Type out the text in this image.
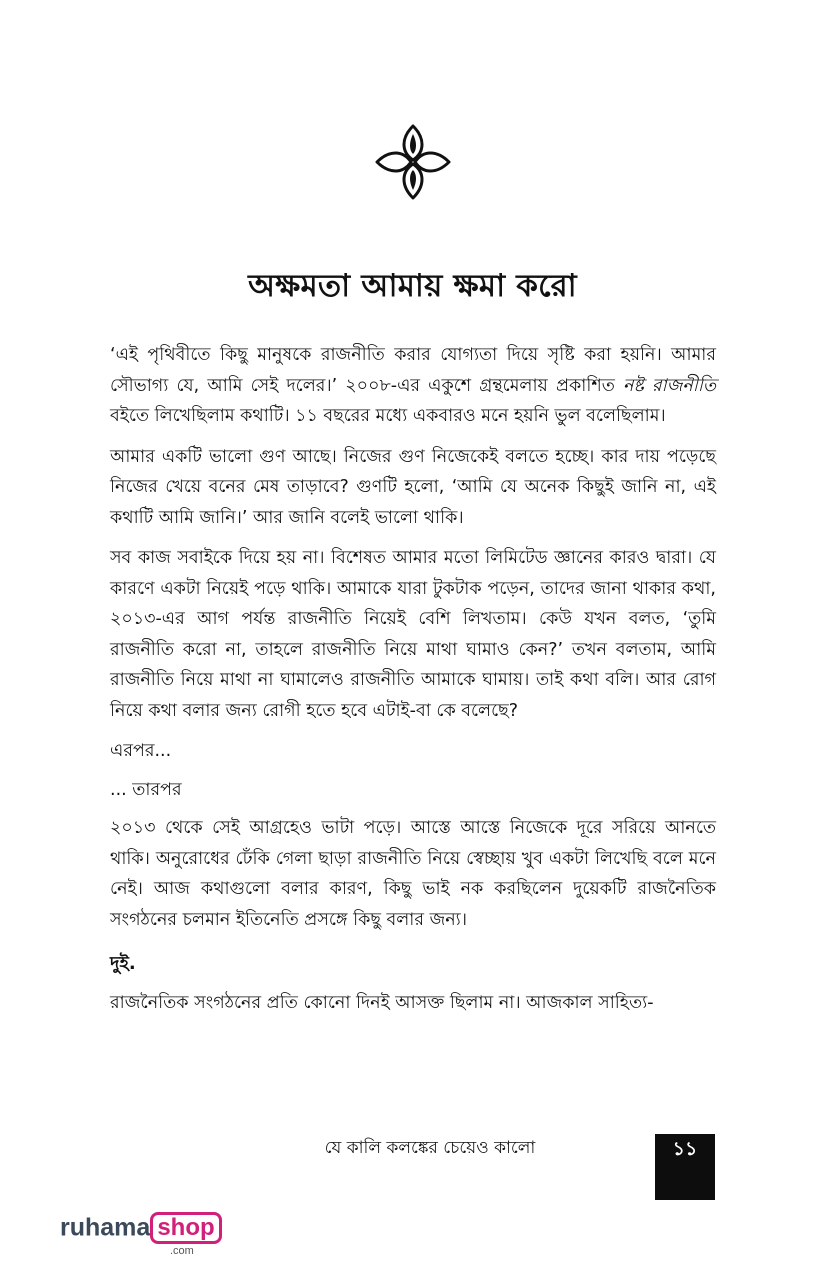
অক্ষমতা আমায় ক্ষমা করো

‘এই পৃথিবীতে কিছু মানুষকে রাজনীতি করার যোগ্যতা দিয়ে সৃষ্টি করা হয়নি। আমার সৌভাগ্য যে, আমি সেই দলের।’ ২০০৮-এর একুশে গ্রন্থমেলায় প্রকাশিত নষ্ট রাজনীতি বইতে লিখেছিলাম কথাটি। ১১ বছরের মধ্যে একবারও মনে হয়নি ভুল বলেছিলাম।

আমার একটি ভালো গুণ আছে। নিজের গুণ নিজেকেই বলতে হচ্ছে। কার দায় পড়েছে নিজের খেয়ে বনের মেষ তাড়াবে? গুণটি হলো, ‘আমি যে অনেক কিছুই জানি না, এই কথাটি আমি জানি।’ আর জানি বলেই ভালো থাকি।

সব কাজ সবাইকে দিয়ে হয় না। বিশেষত আমার মতো লিমিটেড জ্ঞানের কারও দ্বারা। যে কারণে একটা নিয়েই পড়ে থাকি। আমাকে যারা টুকটাক পড়েন, তাদের জানা থাকার কথা, ২০১৩-এর আগ পর্যন্ত রাজনীতি নিয়েই বেশি লিখতাম। কেউ যখন বলত, ‘তুমি রাজনীতি করো না, তাহলে রাজনীতি নিয়ে মাথা ঘামাও কেন?’ তখন বলতাম, আমি রাজনীতি নিয়ে মাথা না ঘামালেও রাজনীতি আমাকে ঘামায়। তাই কথা বলি। আর রোগ নিয়ে কথা বলার জন্য রোগী হতে হবে এটাই-বা কে বলেছে?

এরপর...

... তারপর

২০১৩ থেকে সেই আগ্রহেও ভাটা পড়ে। আস্তে আস্তে নিজেকে দূরে সরিয়ে আনতে থাকি। অনুরোধের ঢেঁকি গেলা ছাড়া রাজনীতি নিয়ে স্বেচ্ছায় খুব একটা লিখেছি বলে মনে নেই। আজ কথাগুলো বলার কারণ, কিছু ভাই নক করছিলেন দুয়েকটি রাজনৈতিক সংগঠনের চলমান ইতিনেতি প্রসঙ্গে কিছু বলার জন্য।

দুই.

রাজনৈতিক সংগঠনের প্রতি কোনো দিনই আসক্ত ছিলাম না। আজকাল সাহিত্য-

যে কালি কলঙ্কের চেয়েও কালো	১১
ruhama shop
.com
